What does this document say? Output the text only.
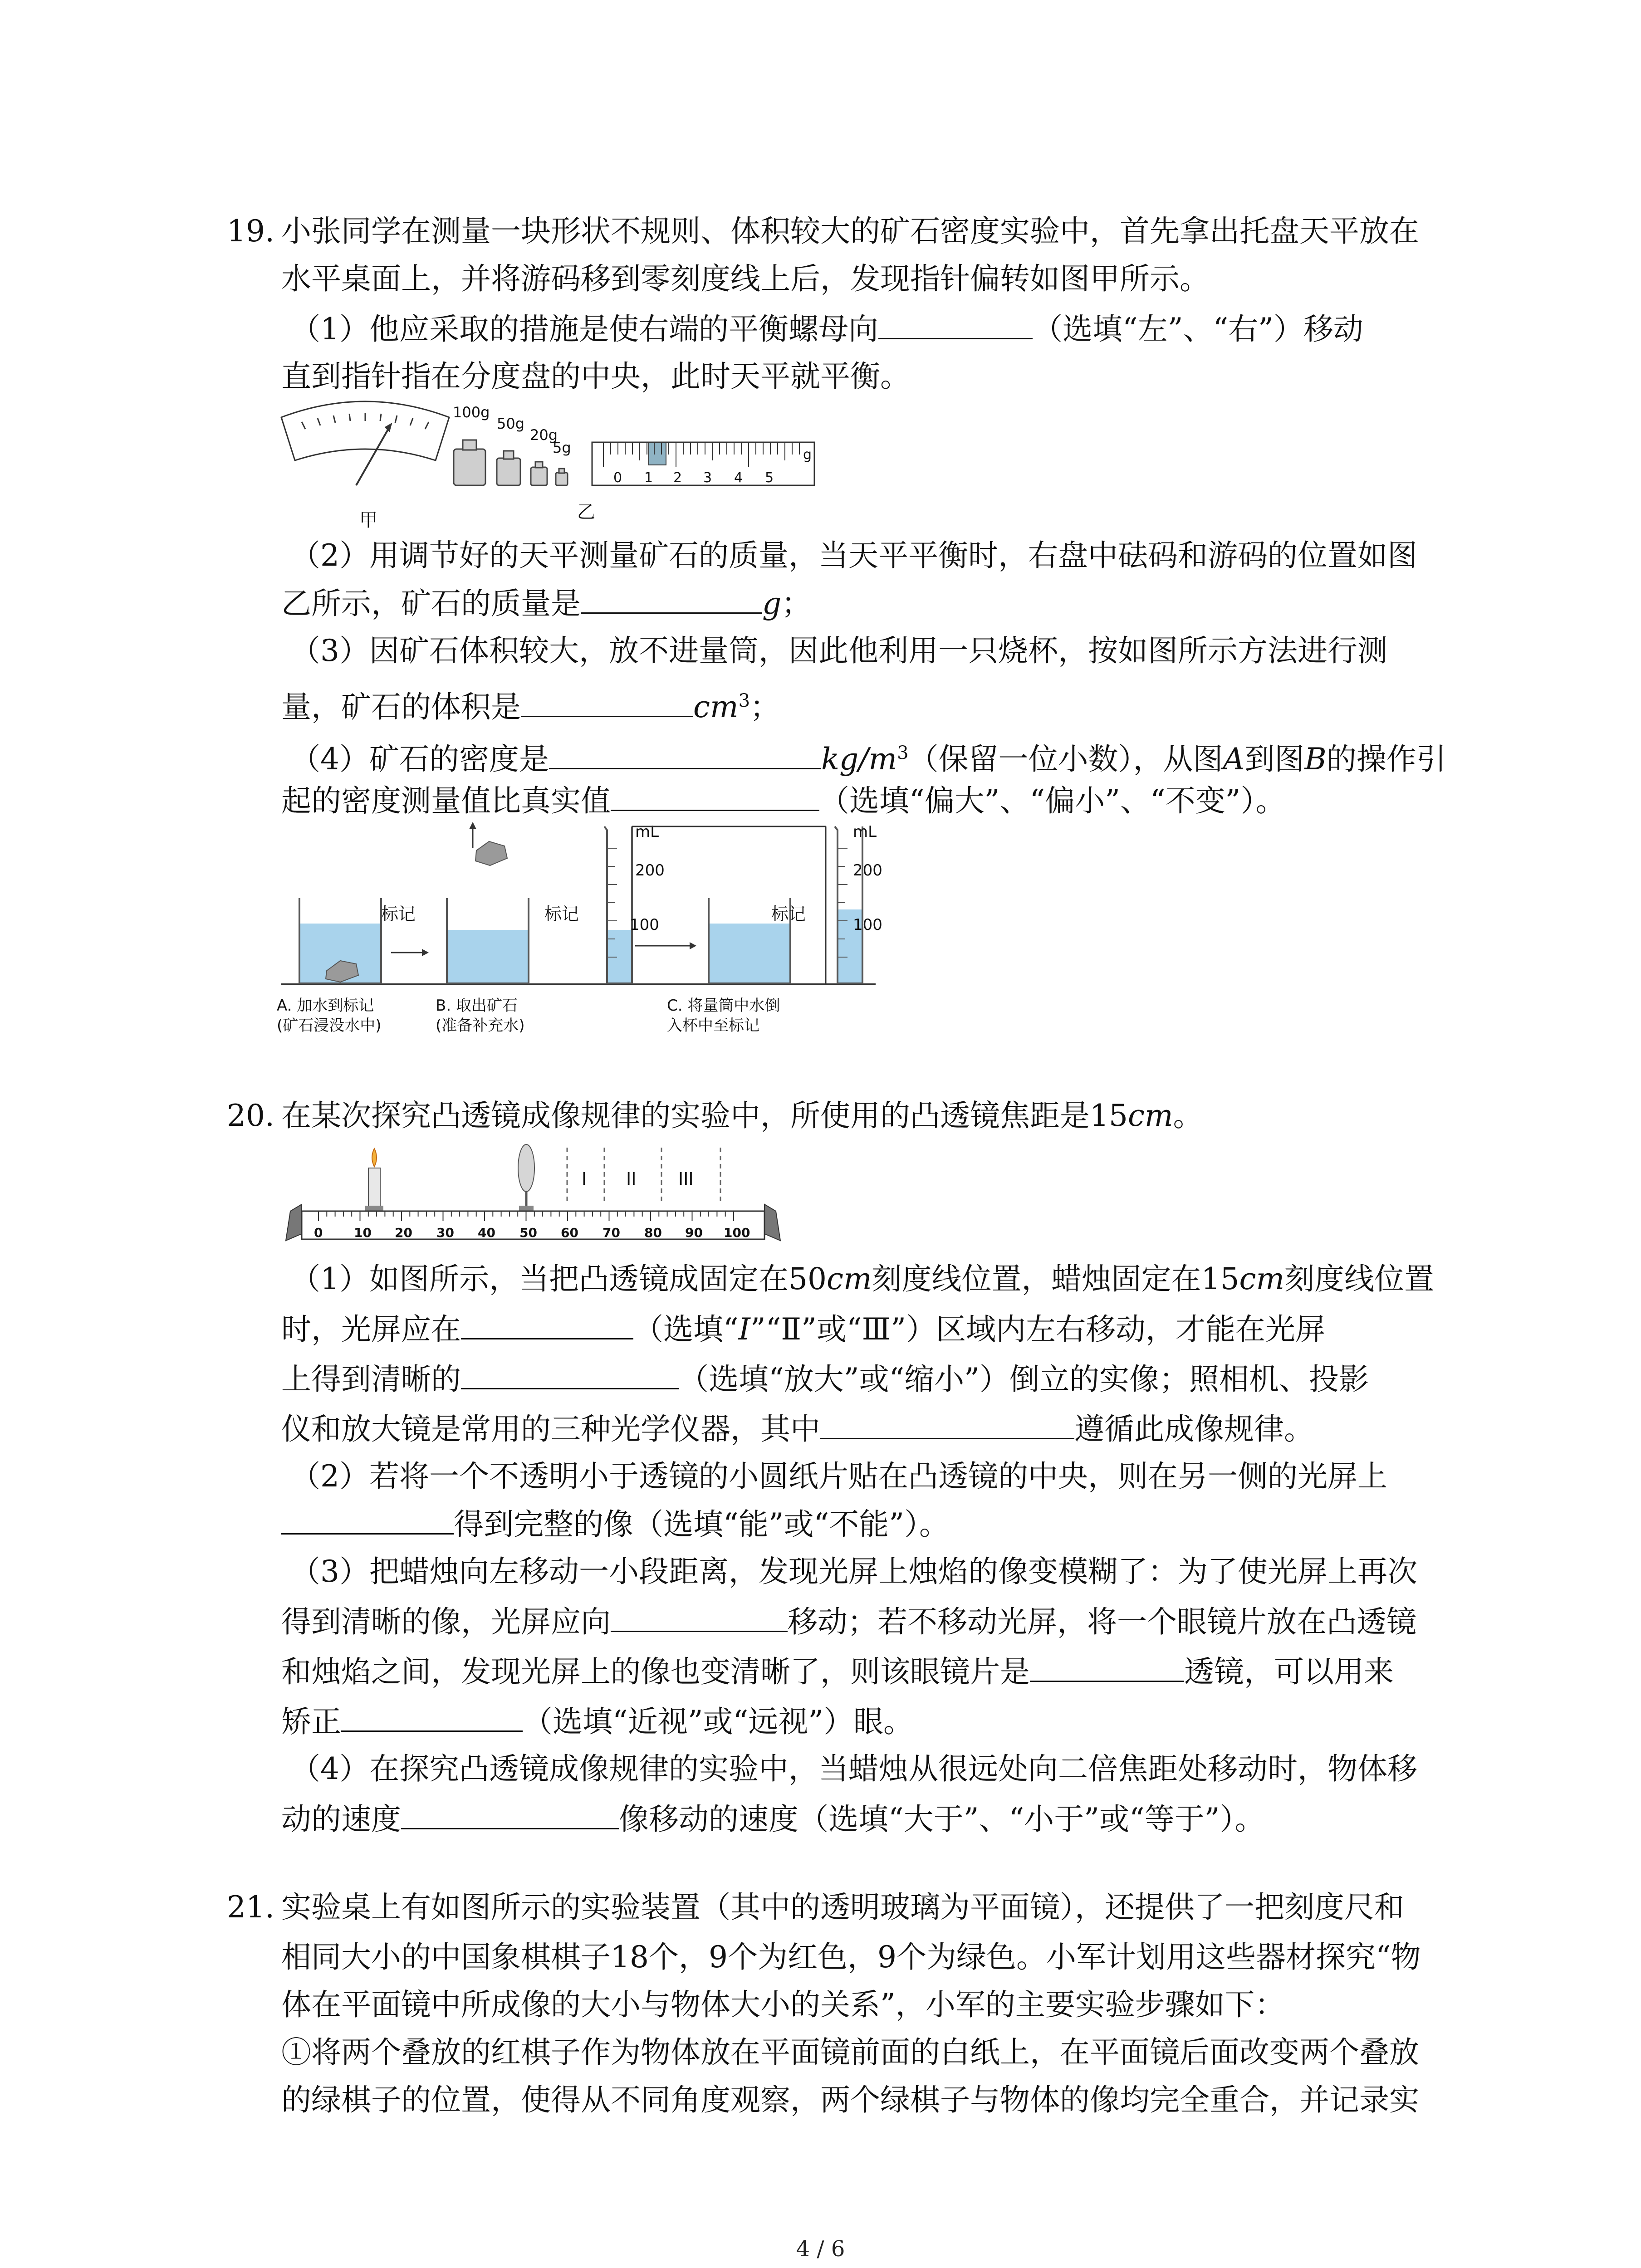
19. 小张同学在测量一块形状不规则、体积较大的矿石密度实验中，首先拿出托盘天平放在
水平桌面上，并将游码移到零刻度线上后，发现指针偏转如图甲所示。
（1）他应采取的措施是使右端的平衡螺母向	（选填“左”、“右”）移动
直到指针指在分度盘的中央，此时天平就平衡。
甲
100g
50g
20g
5g
0 1 2 3 4 5
g
乙
（2）用调节好的天平测量矿石的质量，当天平平衡时，右盘中砝码和游码的位置如图
乙所示，矿石的质量是	g；
（3）因矿石体积较大，放不进量筒，因此他利用一只烧杯，按如图所示方法进行测
量，矿石的体积是	$cm^3$；
（4）矿石的密度是	$kg/m^3$（保留一位小数），从图A到图B的操作引
起的密度测量值比真实值	（选填“偏大”、“偏小”、“不变”）。
标记	标记
mL
200
100
标记
mL
200
100
A. 加水到标记
(矿石浸没水中)
B. 取出矿石
(准备补充水)
C. 将量筒中水倒
入杯中至标记
20. 在某次探究凸透镜成像规律的实验中，所使用的凸透镜焦距是15cm。
I II III
0 10 20 30 40 50 60 70 80 90 100
（1）如图所示，当把凸透镜成固定在50cm刻度线位置，蜡烛固定在15cm刻度线位置
时，光屏应在	（选填“I”“Ⅱ”或“Ⅲ”）区域内左右移动，才能在光屏
上得到清晰的	（选填“放大”或“缩小”）倒立的实像；照相机、投影
仪和放大镜是常用的三种光学仪器，其中	遵循此成像规律。
（2）若将一个不透明小于透镜的小圆纸片贴在凸透镜的中央，则在另一侧的光屏上
得到完整的像（选填“能”或“不能”）。
（3）把蜡烛向左移动一小段距离，发现光屏上烛焰的像变模糊了：为了使光屏上再次
得到清晰的像，光屏应向	移动；若不移动光屏，将一个眼镜片放在凸透镜
和烛焰之间，发现光屏上的像也变清晰了，则该眼镜片是	透镜，可以用来
矫正	（选填“近视”或“远视”）眼。
（4）在探究凸透镜成像规律的实验中，当蜡烛从很远处向二倍焦距处移动时，物体移
动的速度	像移动的速度（选填“大于”、“小于”或“等于”）。
21. 实验桌上有如图所示的实验装置（其中的透明玻璃为平面镜），还提供了一把刻度尺和
相同大小的中国象棋棋子18个，9个为红色，9个为绿色。小军计划用这些器材探究“物
体在平面镜中所成像的大小与物体大小的关系”，小军的主要实验步骤如下：
①将两个叠放的红棋子作为物体放在平面镜前面的白纸上，在平面镜后面改变两个叠放
的绿棋子的位置，使得从不同角度观察，两个绿棋子与物体的像均完全重合，并记录实
4 / 6
